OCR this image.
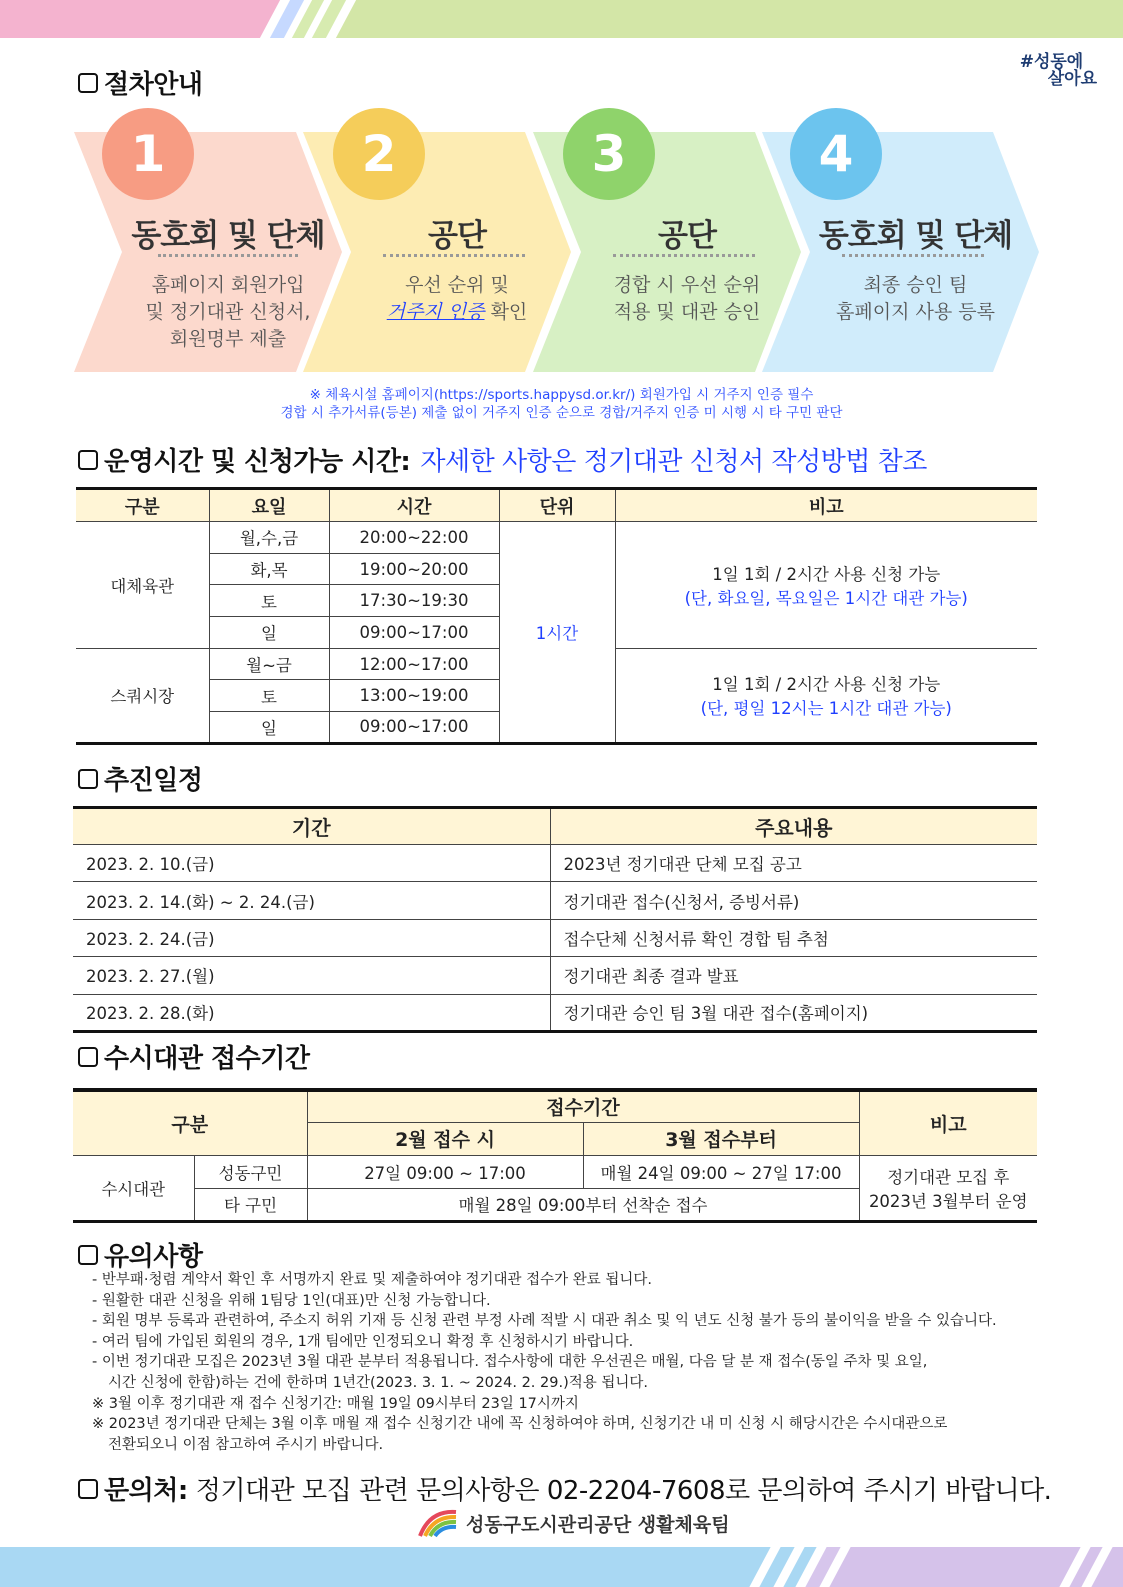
#성동에
살아요
절차안내
1
동호회 및 단체
홈페이지 회원가입
및 정기대관 신청서,
회원명부 제출
2
공단
우선 순위 및
거주지 인증 확인
3
공단
경합 시 우선 순위
적용 및 대관 승인
4
동호회 및 단체
최종 승인 팀
홈페이지 사용 등록
※ 체육시설 홈페이지(https://sports.happysd.or.kr/) 회원가입 시 거주지 인증 필수
경합 시 추가서류(등본) 제출 없이 거주지 인증 순으로 경합/거주지 인증 미 시행 시 타 구민 판단
운영시간 및 신청가능 시간: 자세한 사항은 정기대관 신청서 작성방법 참조
구분	요일	시간	단위	비고
대체육관	월,수,금	20:00~22:00	1시간	1일 1회 / 2시간 사용 신청 가능
(단, 화요일, 목요일은 1시간 대관 가능)

	화,목	19:00~20:00		
	토	17:30~19:30		
	일	09:00~17:00		
스쿼시장	월~금	12:00~17:00		1일 1회 / 2시간 사용 신청 가능
(단, 평일 12시는 1시간 대관 가능)

	토	13:00~19:00		
	일	09:00~17:00		
추진일정
기간	주요내용
2023. 2. 10.(금)	2023년 정기대관 단체 모집 공고
2023. 2. 14.(화) ~ 2. 24.(금)	정기대관 접수(신청서, 증빙서류)
2023. 2. 24.(금)	접수단체 신청서류 확인 경합 팀 추첨
2023. 2. 27.(월)	정기대관 최종 결과 발표
2023. 2. 28.(화)	정기대관 승인 팀 3월 대관 접수(홈페이지)
수시대관 접수기간
구분		접수기간		비고
		2월 접수 시	3월 접수부터	
수시대관	성동구민	27일 09:00 ~ 17:00	매월 24일 09:00 ~ 27일 17:00	정기대관 모집 후
2023년 3월부터 운영

	타 구민	매월 28일 09:00부터 선착순 접수		
유의사항
- 반부패·청렴 계약서 확인 후 서명까지 완료 및 제출하여야 정기대관 접수가 완료 됩니다.
- 원활한 대관 신청을 위해 1팀당 1인(대표)만 신청 가능합니다.
- 회원 명부 등록과 관련하여, 주소지 허위 기재 등 신청 관련 부정 사례 적발 시 대관 취소 및 익 년도 신청 불가 등의 불이익을 받을 수 있습니다.
- 여러 팀에 가입된 회원의 경우, 1개 팀에만 인정되오니 확정 후 신청하시기 바랍니다.
- 이번 정기대관 모집은 2023년 3월 대관 분부터 적용됩니다. 접수사항에 대한 우선권은 매월, 다음 달 분 재 접수(동일 주차 및 요일,
시간 신청에 한함)하는 건에 한하며 1년간(2023. 3. 1. ~ 2024. 2. 29.)적용 됩니다.
※ 3월 이후 정기대관 재 접수 신청기간: 매월 19일 09시부터 23일 17시까지
※ 2023년 정기대관 단체는 3월 이후 매월 재 접수 신청기간 내에 꼭 신청하여야 하며, 신청기간 내 미 신청 시 해당시간은 수시대관으로
전환되오니 이점 참고하여 주시기 바랍니다.
문의처: 정기대관 모집 관련 문의사항은 02-2204-7608로 문의하여 주시기 바랍니다.
성동구도시관리공단 생활체육팀
